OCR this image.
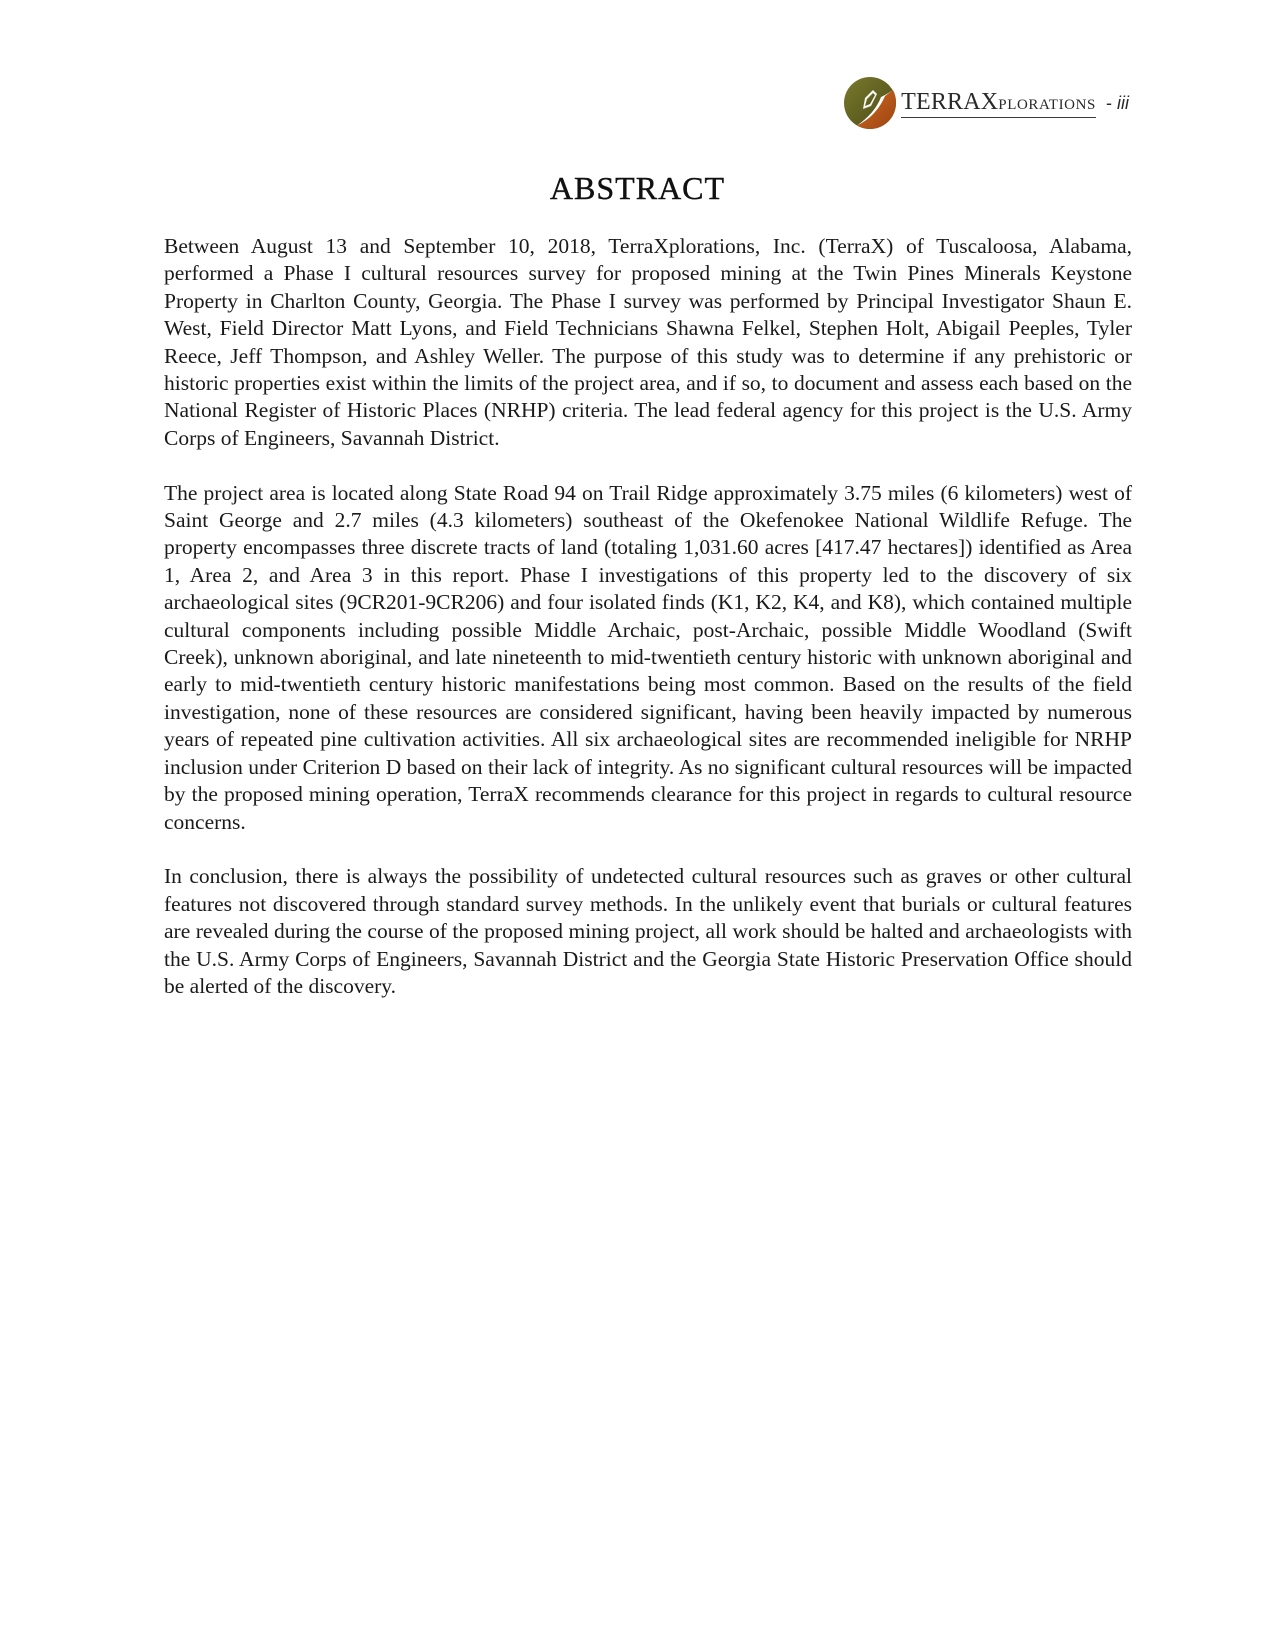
TERRAXPLORATIONS - iii
ABSTRACT

Between August 13 and September 10, 2018, TerraXplorations, Inc. (TerraX) of Tuscaloosa, Alabama, performed a Phase I cultural resources survey for proposed mining at the Twin Pines Minerals Keystone Property in Charlton County, Georgia. The Phase I survey was performed by Principal Investigator Shaun E. West, Field Director Matt Lyons, and Field Technicians Shawna Felkel, Stephen Holt, Abigail Peeples, Tyler Reece, Jeff Thompson, and Ashley Weller. The purpose of this study was to determine if any prehistoric or historic properties exist within the limits of the project area, and if so, to document and assess each based on the National Register of Historic Places (NRHP) criteria. The lead federal agency for this project is the U.S. Army Corps of Engineers, Savannah District.

The project area is located along State Road 94 on Trail Ridge approximately 3.75 miles (6 kilometers) west of Saint George and 2.7 miles (4.3 kilometers) southeast of the Okefenokee National Wildlife Refuge. The property encompasses three discrete tracts of land (totaling 1,031.60 acres [417.47 hectares]) identified as Area 1, Area 2, and Area 3 in this report. Phase I investigations of this property led to the discovery of six archaeological sites (9CR201-9CR206) and four isolated finds (K1, K2, K4, and K8), which contained multiple cultural components including possible Middle Archaic, post-Archaic, possible Middle Woodland (Swift Creek), unknown aboriginal, and late nineteenth to mid-twentieth century historic with unknown aboriginal and early to mid-twentieth century historic manifestations being most common. Based on the results of the field investigation, none of these resources are considered significant, having been heavily impacted by numerous years of repeated pine cultivation activities. All six archaeological sites are recommended ineligible for NRHP inclusion under Criterion D based on their lack of integrity. As no significant cultural resources will be impacted by the proposed mining operation, TerraX recommends clearance for this project in regards to cultural resource concerns.

In conclusion, there is always the possibility of undetected cultural resources such as graves or other cultural features not discovered through standard survey methods. In the unlikely event that burials or cultural features are revealed during the course of the proposed mining project, all work should be halted and archaeologists with the U.S. Army Corps of Engineers, Savannah District and the Georgia State Historic Preservation Office should be alerted of the discovery.
